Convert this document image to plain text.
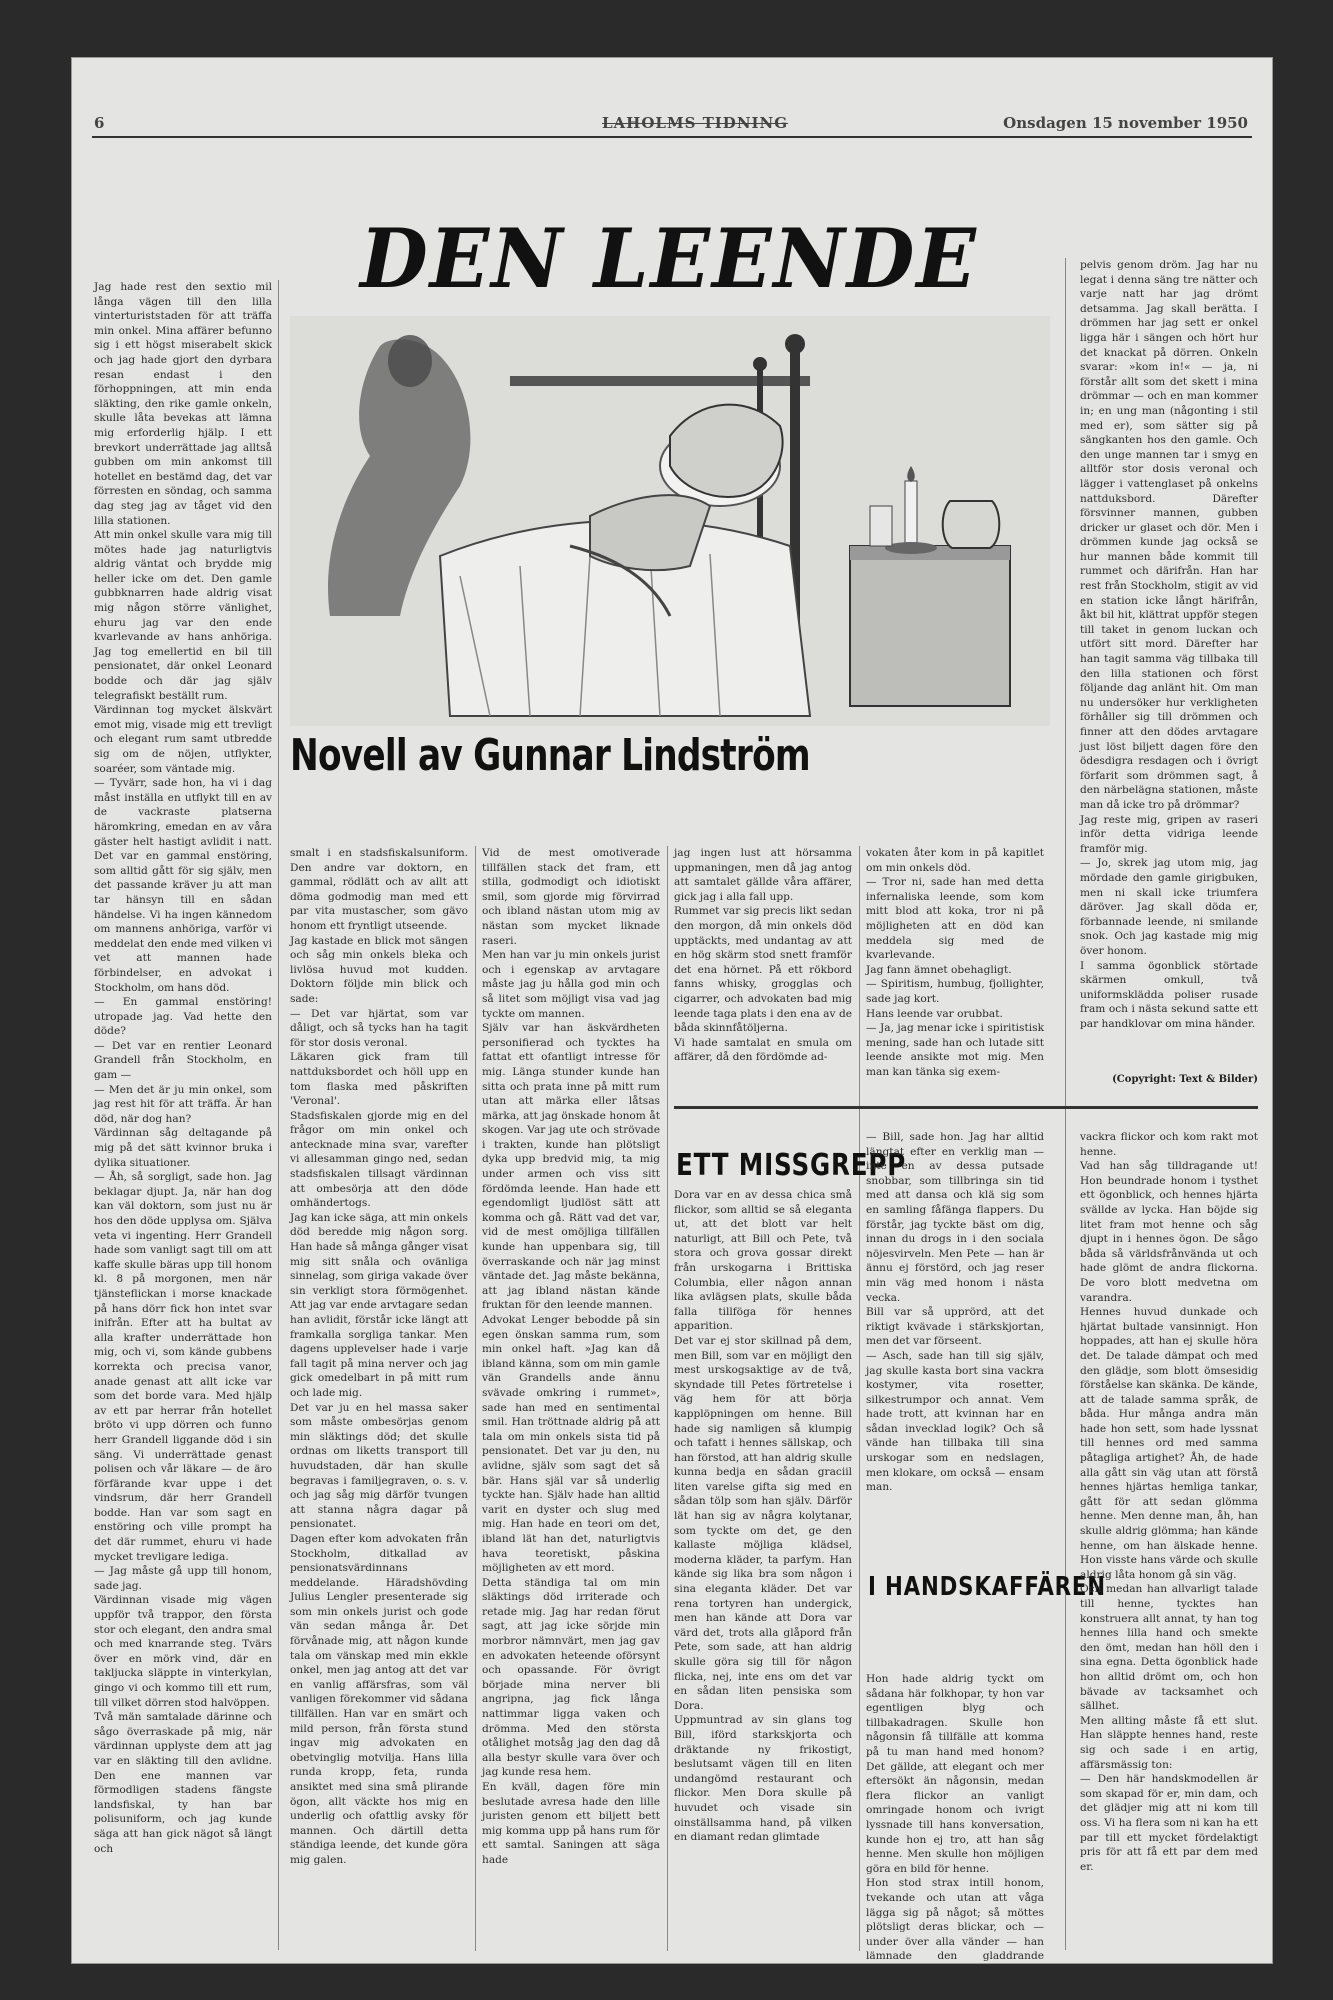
6	LAHOLMS TIDNING	Onsdagen 15 november 1950
Jag hade rest den sextio mil långa vägen till den lilla vinterturiststaden för att träffa min onkel. Mina affärer befunno sig i ett högst miserabelt skick och jag hade gjort den dyrbara resan endast i den förhoppningen, att min enda släkting, den rike gamle onkeln, skulle låta bevekas att lämna mig erforderlig hjälp. I ett brevkort underrättade jag alltså gubben om min ankomst till hotellet en bestämd dag, det var förresten en söndag, och samma dag steg jag av tåget vid den lilla stationen.
Att min onkel skulle vara mig till mötes hade jag naturligtvis aldrig väntat och brydde mig heller icke om det. Den gamle gubbknarren hade aldrig visat mig någon större vänlighet, ehuru jag var den ende kvarlevande av hans anhöriga. Jag tog emellertid en bil till pensionatet, där onkel Leonard bodde och där jag själv telegrafiskt beställt rum.
Värdinnan tog mycket älskvärt emot mig, visade mig ett trevligt och elegant rum samt utbredde sig om de nöjen, utflykter, soaréer, som väntade mig.
— Tyvärr, sade hon, ha vi i dag måst inställa en utflykt till en av de vackraste platserna häromkring, emedan en av våra gäster helt hastigt avlidit i natt. Det var en gammal enstöring, som alltid gått för sig själv, men det passande kräver ju att man tar hänsyn till en sådan händelse. Vi ha ingen kännedom om mannens anhöriga, varför vi meddelat den ende med vilken vi vet att mannen hade förbindelser, en advokat i Stockholm, om hans död.
— En gammal enstöring! utropade jag. Vad hette den döde?
— Det var en rentier Leonard Grandell från Stockholm, en gam —
— Men det är ju min onkel, som jag rest hit för att träffa. Är han död, när dog han?
Värdinnan såg deltagande på mig på det sätt kvinnor bruka i dylika situationer.
— Åh, så sorgligt, sade hon. Jag beklagar djupt. Ja, när han dog kan väl doktorn, som just nu är hos den döde upplysa om. Själva veta vi ingenting. Herr Grandell hade som vanligt sagt till om att kaffe skulle bäras upp till honom kl. 8 på morgonen, men när tjänsteflickan i morse knackade på hans dörr fick hon intet svar inifrån. Efter att ha bultat av alla krafter underrättade hon mig, och vi, som kände gubbens korrekta och precisa vanor, anade genast att allt icke var som det borde vara. Med hjälp av ett par herrar från hotellet bröto vi upp dörren och funno herr Grandell liggande död i sin säng. Vi underrättade genast polisen och vår läkare — de äro förfärande kvar uppe i det vindsrum, där herr Grandell bodde. Han var som sagt en enstöring och ville prompt ha det där rummet, ehuru vi hade mycket trevligare lediga.
— Jag måste gå upp till honom, sade jag.
Värdinnan visade mig vägen uppför två trappor, den första stor och elegant, den andra smal och med knarrande steg. Tvärs över en mörk vind, där en takljucka släppte in vinterkylan, gingo vi och kommo till ett rum, till vilket dörren stod halvöppen.
Två män samtalade därinne och sågo överraskade på mig, när värdinnan upplyste dem att jag var en släkting till den avlidne. Den ene mannen var förmodligen stadens fängste landsfiskal, ty han bar polisuniform, och jag kunde säga att han gick nägot så längt och
DEN LEENDE
Novell av Gunnar Lindström
pelvis genom dröm. Jag har nu legat i denna säng tre nätter och varje natt har jag drömt detsamma. Jag skall berätta. I drömmen har jag sett er onkel ligga här i sängen och hört hur det knackat på dörren. Onkeln svarar: »kom in!« — ja, ni förstår allt som det skett i mina drömmar — och en man kommer in; en ung man (någonting i stil med er), som sätter sig på sängkanten hos den gamle. Och den unge mannen tar i smyg en alltför stor dosis veronal och lägger i vattenglaset på onkelns nattduksbord. Därefter försvinner mannen, gubben dricker ur glaset och dör. Men i drömmen kunde jag också se hur mannen både kommit till rummet och därifrån. Han har rest från Stockholm, stigit av vid en station icke långt härifrån, åkt bil hit, klättrat uppför stegen till taket in genom luckan och utfört sitt mord. Därefter har han tagit samma väg tillbaka till den lilla stationen och först följande dag anlänt hit. Om man nu undersöker hur verkligheten förhåller sig till drömmen och finner att den dödes arvtagare just löst biljett dagen före den ödesdigra resdagen och i övrigt förfarit som drömmen sagt, å den närbelägna stationen, måste man då icke tro på drömmar?
Jag reste mig, gripen av raseri inför detta vidriga leende framför mig.
— Jo, skrek jag utom mig, jag mördade den gamle girigbuken, men ni skall icke triumfera däröver. Jag skall döda er, förbannade leende, ni smilande snok. Och jag kastade mig mig över honom.
I samma ögonblick störtade skärmen omkull, två uniformsklädda poliser rusade fram och i nästa sekund satte ett par handklovar om mina händer.
(Copyright: Text & Bilder)
smalt i en stadsfiskalsuniform. Den andre var doktorn, en gammal, rödlätt och av allt att döma godmodig man med ett par vita mustascher, som gävo honom ett fryntligt utseende.
Jag kastade en blick mot sängen och såg min onkels bleka och livlösa huvud mot kudden. Doktorn följde min blick och sade:
— Det var hjärtat, som var dåligt, och så tycks han ha tagit för stor dosis veronal.
Läkaren gick fram till nattduksbordet och höll upp en tom flaska med påskriften 'Veronal'.
Stadsfiskalen gjorde mig en del frågor om min onkel och antecknade mina svar, varefter vi allesamman gingo ned, sedan stadsfiskalen tillsagt värdinnan att ombesörja att den döde omhändertogs.
Jag kan icke säga, att min onkels död beredde mig någon sorg. Han hade så många gånger visat mig sitt snåla och ovänliga sinnelag, som giriga vakade över sin verkligt stora förmögenhet. Att jag var ende arvtagare sedan han avlidit, förstår icke längt att framkalla sorgliga tankar. Men dagens upplevelser hade i varje fall tagit på mina nerver och jag gick omedelbart in på mitt rum och lade mig.
Det var ju en hel massa saker som måste ombesörjas genom min släktings död; det skulle ordnas om liketts transport till huvudstaden, där han skulle begravas i familjegraven, o. s. v. och jag såg mig därför tvungen att stanna några dagar på pensionatet.
Dagen efter kom advokaten från Stockholm, ditkallad av pensionatsvärdinnans meddelande. Häradshövding Julius Lengler presenterade sig som min onkels jurist och gode vän sedan många år. Det förvånade mig, att någon kunde tala om vänskap med min ekkle onkel, men jag antog att det var en vanlig affärsfras, som väl vanligen förekommer vid sådana tillfällen. Han var en smärt och mild person, från första stund ingav mig advokaten en obetvinglig motvilja. Hans lilla runda kropp, feta, runda ansiktet med sina små plirande ögon, allt väckte hos mig en underlig och ofattlig avsky för mannen. Och därtill detta ständiga leende, det kunde göra mig galen.
Vid de mest omotiverade tillfällen stack det fram, ett stilla, godmodigt och idiotiskt smil, som gjorde mig förvirrad och ibland nästan utom mig av nästan som mycket liknade raseri.
Men han var ju min onkels jurist och i egenskap av arvtagare måste jag ju hålla god min och så litet som möjligt visa vad jag tyckte om mannen.
Själv var han äskvärdheten personifierad och tycktes ha fattat ett ofantligt intresse för mig. Länga stunder kunde han sitta och prata inne på mitt rum utan att märka eller låtsas märka, att jag önskade honom åt skogen. Var jag ute och strövade i trakten, kunde han plötsligt dyka upp bredvid mig, ta mig under armen och viss sitt fördömda leende. Han hade ett egendomligt ljudlöst sätt att komma och gå. Rätt vad det var, vid de mest omöjliga tillfällen kunde han uppenbara sig, till överraskande och när jag minst väntade det. Jag måste bekänna, att jag ibland nästan kände fruktan för den leende mannen.
Advokat Lenger bebodde på sin egen önskan samma rum, som min onkel haft. »Jag kan då ibland känna, som om min gamle vän Grandells ande ännu svävade omkring i rummet», sade han med en sentimental smil. Han tröttnade aldrig på att tala om min onkels sista tid på pensionatet. Det var ju den, nu avlidne, själv som sagt det så bär. Hans själ var så underlig tyckte han. Själv hade han alltid varit en dyster och slug med mig. Han hade en teori om det, ibland lät han det, naturligtvis hava teoretiskt, påskina möjligheten av ett mord.
Detta ständiga tal om min släktings död irriterade och retade mig. Jag har redan förut sagt, att jag icke sörjde min morbror nämnvärt, men jag gav en advokaten heteende oförsynt och opassande. För övrigt började mina nerver bli angripna, jag fick långa nattimmar ligga vaken och drömma. Med den största otålighet motsåg jag den dag då alla bestyr skulle vara över och jag kunde resa hem.
En kväll, dagen före min beslutade avresa hade den lille juristen genom ett biljett bett mig komma upp på hans rum för ett samtal. Saningen att säga hade
jag ingen lust att hörsamma uppmaningen, men då jag antog att samtalet gällde våra affärer, gick jag i alla fall upp.
Rummet var sig precis likt sedan den morgon, då min onkels död upptäckts, med undantag av att en hög skärm stod snett framför det ena hörnet. På ett rökbord fanns whisky, grogglas och cigarrer, och advokaten bad mig leende taga plats i den ena av de båda skinnfåtöljerna.
Vi hade samtalat en smula om affärer, då den fördömde ad-
vokaten åter kom in på kapitlet om min onkels död.
— Tror ni, sade han med detta infernaliska leende, som kom mitt blod att koka, tror ni på möjligheten att en död kan meddela sig med de kvarlevande.
Jag fann ämnet obehagligt.
— Spiritism, humbug, fjollighter, sade jag kort.
Hans leende var orubbat.
— Ja, jag menar icke i spiritistisk mening, sade han och lutade sitt leende ansikte mot mig. Men man kan tänka sig exem-
ETT MISSGREPP
Dora var en av dessa chica små flickor, som alltid se så eleganta ut, att det blott var helt naturligt, att Bill och Pete, två stora och grova gossar direkt från urskogarna i Brittiska Columbia, eller någon annan lika avlägsen plats, skulle båda falla tillföga för hennes apparition.
Det var ej stor skillnad på dem, men Bill, som var en möjligt den mest urskogsaktige av de två, skyndade till Petes förtretelse i väg hem för att börja kapplöpningen om henne. Bill hade sig namligen så klumpig och tafatt i hennes sällskap, och han förstod, att han aldrig skulle kunna bedja en sådan graciil liten varelse gifta sig med en sådan tölp som han själv. Därför lät han sig av några kolytanar, som tyckte om det, ge den kallaste möjliga klädsel, moderna kläder, ta parfym. Han kände sig lika bra som någon i sina eleganta kläder. Det var rena tortyren han undergick, men han kände att Dora var värd det, trots alla glåpord från Pete, som sade, att han aldrig skulle göra sig till för någon flicka, nej, inte ens om det var en sådan liten pensiska som Dora.
Uppmuntrad av sin glans tog Bill, iförd starkskjorta och dräktande ny frikostigt, beslutsamt vägen till en liten undangömd restaurant och flickor. Men Dora skulle på huvudet och visade sin oinställsamma hand, på vilken en diamant redan glimtade
— Bill, sade hon. Jag har alltid längtat efter en verklig man — inte en av dessa putsade snobbar, som tillbringa sin tid med att dansa och klä sig som en samling fåfänga flappers. Du förstår, jag tyckte bäst om dig, innan du drogs in i den sociala nöjesvirveln. Men Pete — han är ännu ej förstörd, och jag reser min väg med honom i nästa vecka.
Bill var så upprörd, att det riktigt kvävade i stärkskjortan, men det var förseent.
— Asch, sade han till sig själv, jag skulle kasta bort sina vackra kostymer, vita rosetter, silkestrumpor och annat. Vem hade trott, att kvinnan har en sådan invecklad logik? Och så vände han tillbaka till sina urskogar som en nedslagen, men klokare, om också — ensam man.
I HANDSKAFFÄREN
Hon hade aldrig tyckt om sådana här folkhopar, ty hon var egentligen blyg och tillbakadragen. Skulle hon någonsin få tillfälle att komma på tu man hand med honom? Det gällde, att elegant och mer eftersökt än någonsin, medan flera flickor an vanligt omringade honom och ivrigt lyssnade till hans konversation, kunde hon ej tro, att han såg henne. Men skulle hon möjligen göra en bild för henne.
Hon stod strax intill honom, tvekande och utan att våga lägga sig på något; så möttes plötsligt deras blickar, och — under över alla vänder — han lämnade den gladdrande skocken av
vackra flickor och kom rakt mot henne.
Vad han såg tilldragande ut! Hon beundrade honom i tysthet ett ögonblick, och hennes hjärta svällde av lycka. Han böjde sig litet fram mot henne och såg djupt in i hennes ögon. De sågo båda så världsfrånvända ut och hade glömt de andra flickorna. De voro blott medvetna om varandra.
Hennes huvud dunkade och hjärtat bultade vansinnigt. Hon hoppades, att han ej skulle höra det. De talade dämpat och med den glädje, som blott ömsesidig förståelse kan skänka. De kände, att de talade samma språk, de båda. Hur många andra män hade hon sett, som hade lyssnat till hennes ord med samma påtagliga artighet? Åh, de hade alla gått sin väg utan att förstå hennes hjärtas hemliga tankar, gått för att sedan glömma henne. Men denne man, åh, han skulle aldrig glömma; han kände henne, om han älskade henne. Hon visste hans värde och skulle aldrig låta honom gå sin väg.
Och medan han allvarligt talade till henne, tycktes han konstruera allt annat, ty han tog hennes lilla hand och smekte den ömt, medan han höll den i sina egna. Detta ögonblick hade hon alltid drömt om, och hon bävade av tacksamhet och sällhet.
Men allting måste få ett slut. Han släppte hennes hand, reste sig och sade i en artig, affärsmässig ton:
— Den här handskmodellen är som skapad för er, min dam, och det glädjer mig att ni kom till oss. Vi ha flera som ni kan ha ett par till ett mycket fördelaktigt pris för att få ett par dem med er.
